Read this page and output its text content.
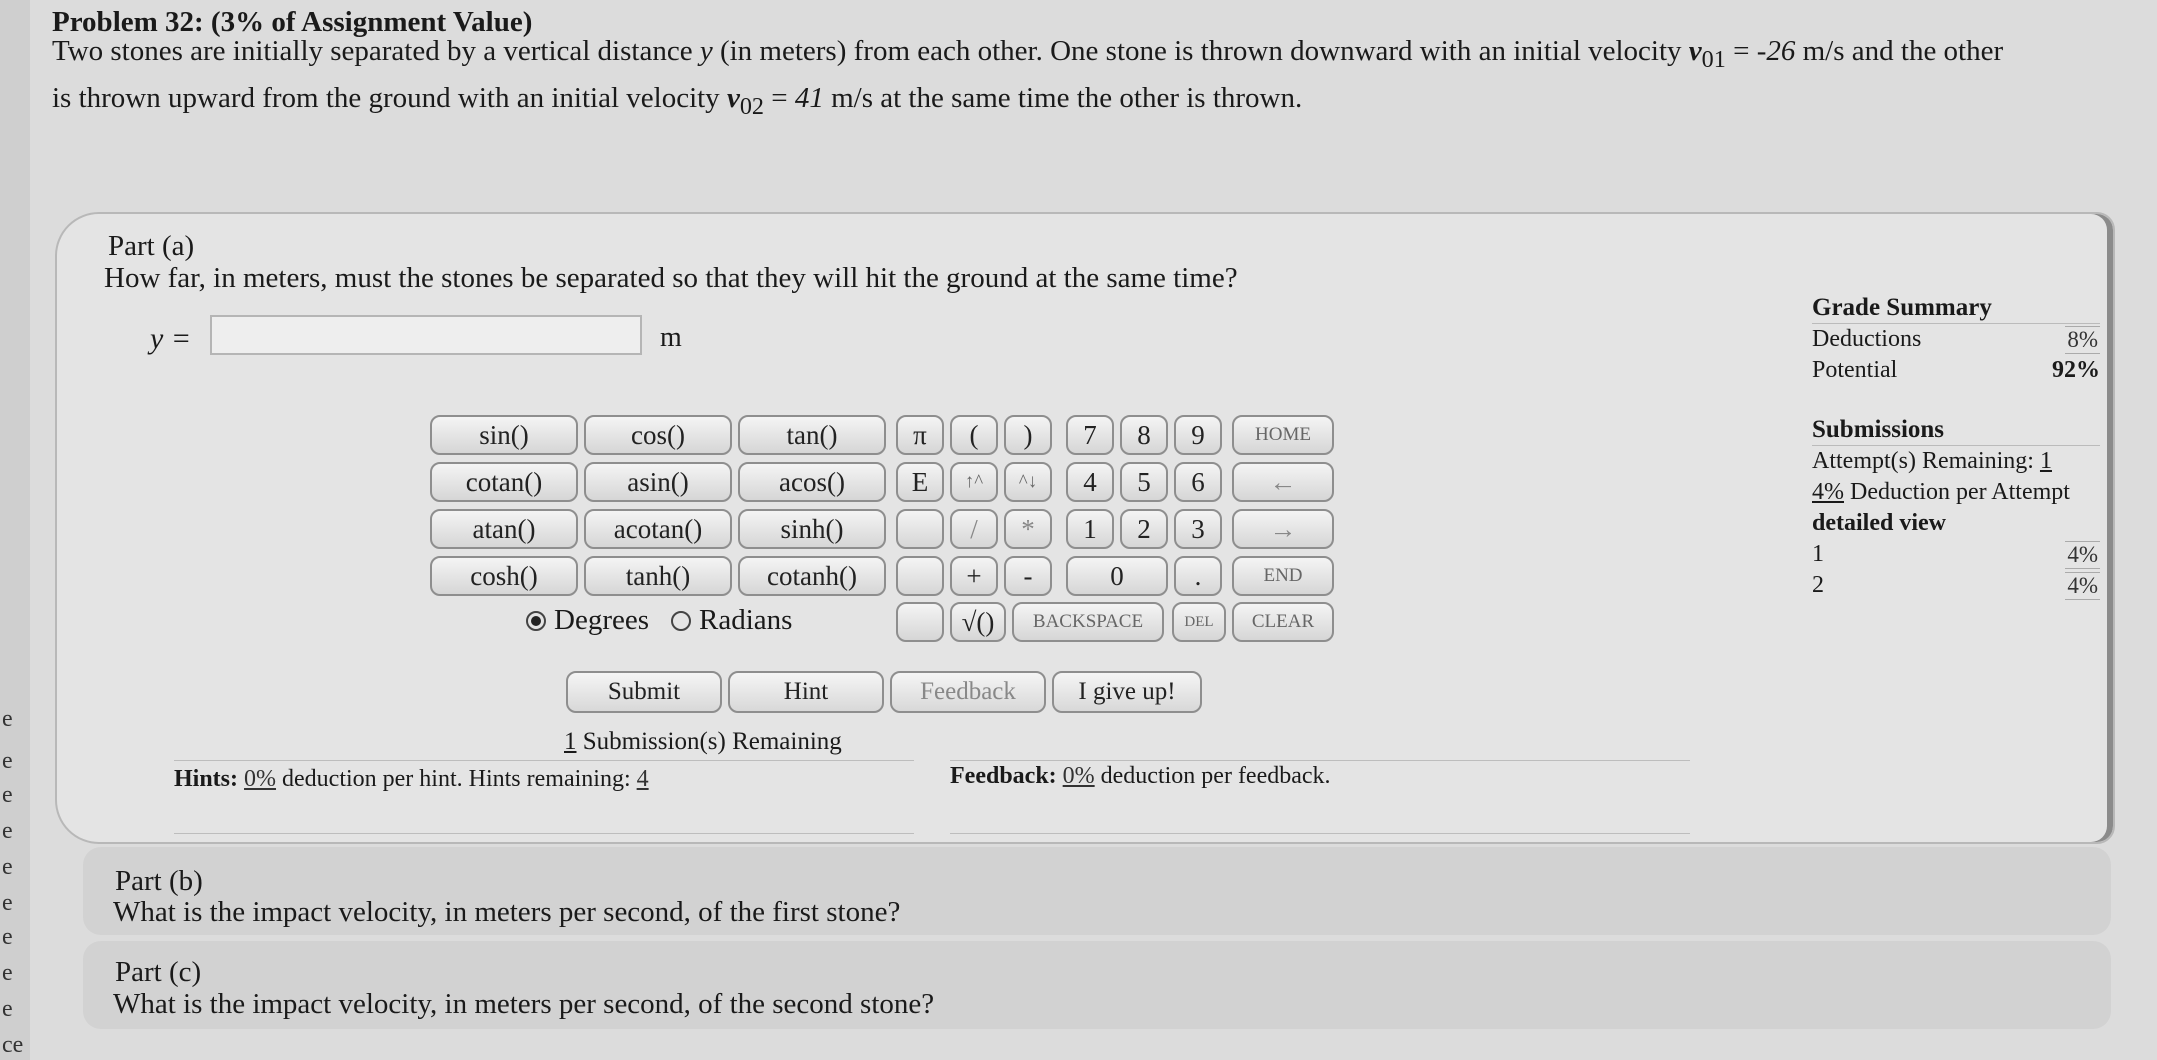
e
e
e
e
e
e
e
e
e
ce
Problem 32: (3% of Assignment Value)
Two stones are initially separated by a vertical distance y (in meters) from each other. One stone is thrown downward with an initial velocity $v_{01} = -26$ m/s and the other
is thrown upward from the ground with an initial velocity $v_{02} = 41$ m/s at the same time the other is thrown.
Part (a)
How far, in meters, must the stones be separated so that they will hit the ground at the same time?
y =	m
sin()	cos()	tan()
cotan()	asin()	acos()
atan()	acotan()	sinh()
cosh()	tanh()	cotanh()
π	(	)	7	8	9	HOME
E	↑^	^↓	4	5	6	←
/	*	1	2	3	→
+	-	0	.	END
√()	BACKSPACE	DEL	CLEAR
Degrees Radians
Submit	Hint	Feedback	I give up!
1 Submission(s) Remaining
Hints: 0% deduction per hint. Hints remaining: 4	Feedback: 0% deduction per feedback.
Grade Summary
Deductions	8%
Potential	92%
Submissions
Attempt(s) Remaining: 1
4% Deduction per Attempt
detailed view
1	4%
2	4%
Part (b)
What is the impact velocity, in meters per second, of the first stone?
Part (c)
What is the impact velocity, in meters per second, of the second stone?
